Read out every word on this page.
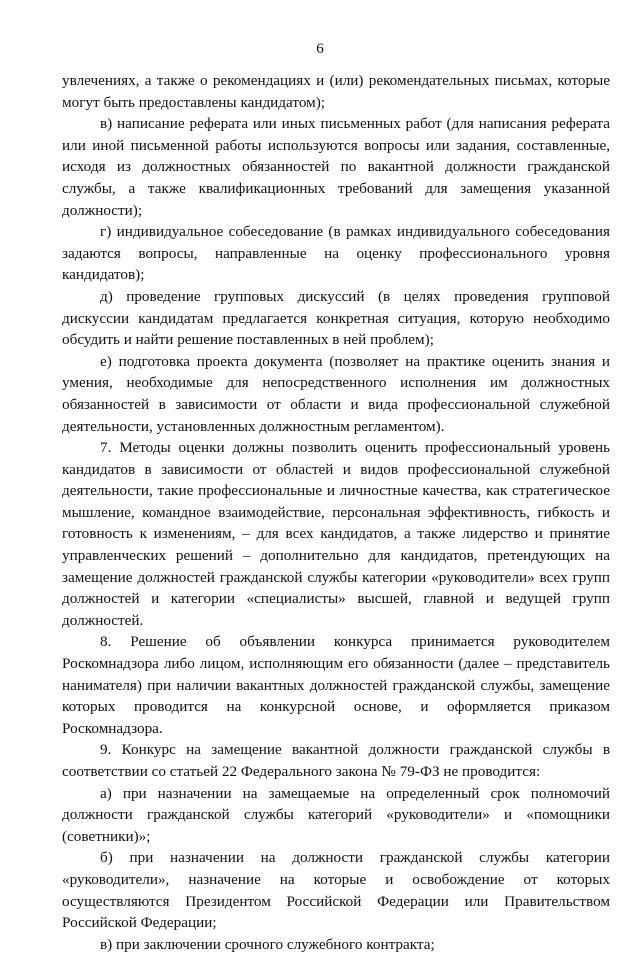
6

увлечениях, а также о рекомендациях и (или) рекомендательных письмах, которые могут быть предоставлены кандидатом);

в) написание реферата или иных письменных работ (для написания реферата или иной письменной работы используются вопросы или задания, составленные, исходя из должностных обязанностей по вакантной должности гражданской службы, а также квалификационных требований для замещения указанной должности);

г) индивидуальное собеседование (в рамках индивидуального собеседования задаются вопросы, направленные на оценку профессионального уровня кандидатов);

д) проведение групповых дискуссий (в целях проведения групповой дискуссии кандидатам предлагается конкретная ситуация, которую необходимо обсудить и найти решение поставленных в ней проблем);

е) подготовка проекта документа (позволяет на практике оценить знания и умения, необходимые для непосредственного исполнения им должностных обязанностей в зависимости от области и вида профессиональной служебной деятельности, установленных должностным регламентом).

7. Методы оценки должны позволить оценить профессиональный уровень кандидатов в зависимости от областей и видов профессиональной служебной деятельности, такие профессиональные и личностные качества, как стратегическое мышление, командное взаимодействие, персональная эффективность, гибкость и готовность к изменениям, – для всех кандидатов, а также лидерство и принятие управленческих решений – дополнительно для кандидатов, претендующих на замещение должностей гражданской службы категории «руководители» всех групп должностей и категории «специалисты» высшей, главной и ведущей групп должностей.

8. Решение об объявлении конкурса принимается руководителем Роскомнадзора либо лицом, исполняющим его обязанности (далее – представитель нанимателя) при наличии вакантных должностей гражданской службы, замещение которых проводится на конкурсной основе, и оформляется приказом Роскомнадзора.

9. Конкурс на замещение вакантной должности гражданской службы в соответствии со статьей 22 Федерального закона № 79-ФЗ не проводится:

а) при назначении на замещаемые на определенный срок полномочий должности гражданской службы категорий «руководители» и «помощники (советники)»;

б) при назначении на должности гражданской службы категории «руководители», назначение на которые и освобождение от которых осуществляются Президентом Российской Федерации или Правительством Российской Федерации;

в) при заключении срочного служебного контракта;
